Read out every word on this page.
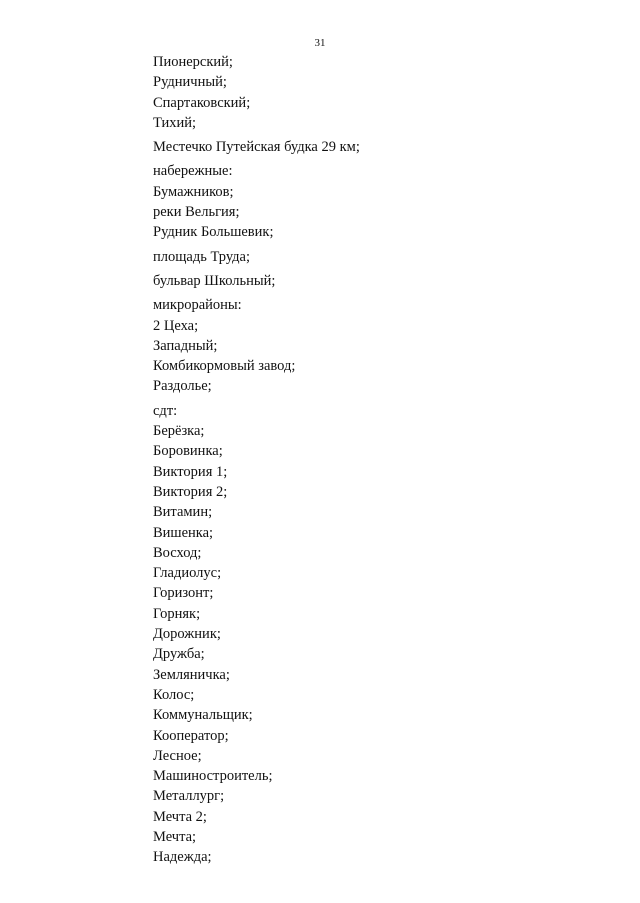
31
Пионерский;
Рудничный;
Спартаковский;
Тихий;
Местечко Путейская будка 29 км;
набережные:
Бумажников;
реки Вельгия;
Рудник Большевик;
площадь Труда;
бульвар Школьный;
микрорайоны:
2 Цеха;
Западный;
Комбикормовый завод;
Раздолье;
сдт:
Берёзка;
Боровинка;
Виктория 1;
Виктория 2;
Витамин;
Вишенка;
Восход;
Гладиолус;
Горизонт;
Горняк;
Дорожник;
Дружба;
Земляничка;
Колос;
Коммунальщик;
Кооператор;
Лесное;
Машиностроитель;
Металлург;
Мечта 2;
Мечта;
Надежда;
